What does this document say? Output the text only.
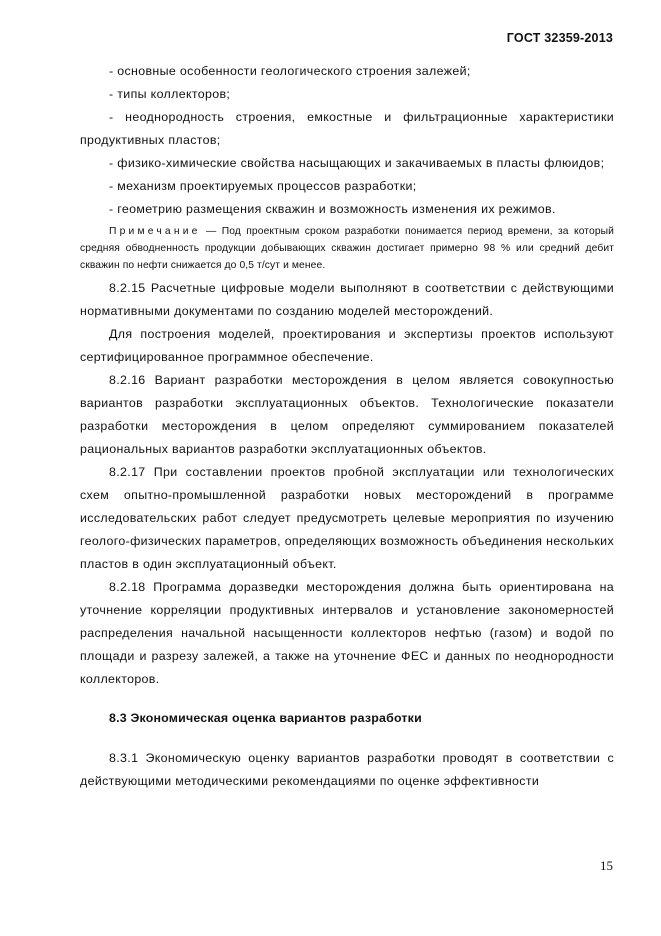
ГОСТ 32359-2013

- основные особенности геологического строения залежей;

- типы коллекторов;

- неоднородность строения, емкостные и фильтрационные характеристики продуктивных пластов;

- физико-химические свойства насыщающих и закачиваемых в пласты флюидов;

- механизм проектируемых процессов разработки;

- геометрию размещения скважин и возможность изменения их режимов.

Примечание — Под проектным сроком разработки понимается период времени, за который средняя обводненность продукции добывающих скважин достигает примерно 98 % или средний дебит скважин по нефти снижается до 0,5 т/сут и менее.

8.2.15 Расчетные цифровые модели выполняют в соответствии с действующими нормативными документами по созданию моделей месторождений.

Для построения моделей, проектирования и экспертизы проектов используют сертифицированное программное обеспечение.

8.2.16 Вариант разработки месторождения в целом является совокупностью вариантов разработки эксплуатационных объектов. Технологические показатели разработки месторождения в целом определяют суммированием показателей рациональных вариантов разработки эксплуатационных объектов.

8.2.17 При составлении проектов пробной эксплуатации или технологических схем опытно-промышленной разработки новых месторождений в программе исследовательских работ следует предусмотреть целевые мероприятия по изучению геолого-физических параметров, определяющих возможность объединения нескольких пластов в один эксплуатационный объект.

8.2.18 Программа доразведки месторождения должна быть ориентирована на уточнение корреляции продуктивных интервалов и установление закономерностей распределения начальной насыщенности коллекторов нефтью (газом) и водой по площади и разрезу залежей, а также на уточнение ФЕС и данных по неоднородности коллекторов.

8.3 Экономическая оценка вариантов разработки

8.3.1 Экономическую оценку вариантов разработки проводят в соответствии с действующими методическими рекомендациями по оценке эффективности

15
